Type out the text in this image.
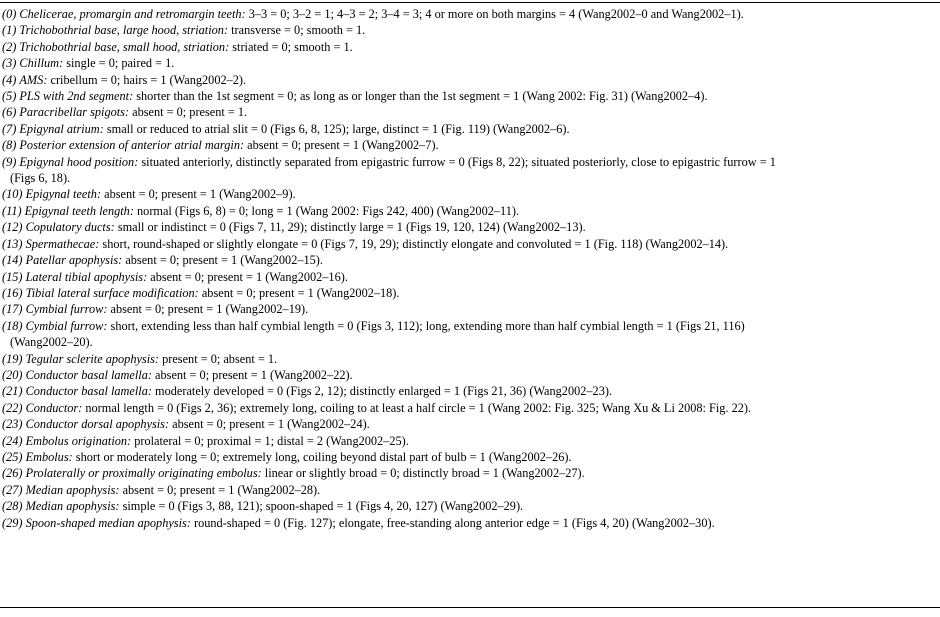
(0) Chelicerae, promargin and retromargin teeth: 3–3 = 0; 3–2 = 1; 4–3 = 2; 3–4 = 3; 4 or more on both margins = 4 (Wang2002–0 and Wang2002–1).
(1) Trichobothrial base, large hood, striation: transverse = 0; smooth = 1.
(2) Trichobothrial base, small hood, striation: striated = 0; smooth = 1.
(3) Chillum: single = 0; paired = 1.
(4) AMS: cribellum = 0; hairs = 1 (Wang2002–2).
(5) PLS with 2nd segment: shorter than the 1st segment = 0; as long as or longer than the 1st segment = 1 (Wang 2002: Fig. 31) (Wang2002–4).
(6) Paracribellar spigots: absent = 0; present = 1.
(7) Epigynal atrium: small or reduced to atrial slit = 0 (Figs 6, 8, 125); large, distinct = 1 (Fig. 119) (Wang2002–6).
(8) Posterior extension of anterior atrial margin: absent = 0; present = 1 (Wang2002–7).
(9) Epigynal hood position: situated anteriorly, distinctly separated from epigastric furrow = 0 (Figs 8, 22); situated posteriorly, close to epigastric furrow = 1
(Figs 6, 18).
(10) Epigynal teeth: absent = 0; present = 1 (Wang2002–9).
(11) Epigynal teeth length: normal (Figs 6, 8) = 0; long = 1 (Wang 2002: Figs 242, 400) (Wang2002–11).
(12) Copulatory ducts: small or indistinct = 0 (Figs 7, 11, 29); distinctly large = 1 (Figs 19, 120, 124) (Wang2002–13).
(13) Spermathecae: short, round-shaped or slightly elongate = 0 (Figs 7, 19, 29); distinctly elongate and convoluted = 1 (Fig. 118) (Wang2002–14).
(14) Patellar apophysis: absent = 0; present = 1 (Wang2002–15).
(15) Lateral tibial apophysis: absent = 0; present = 1 (Wang2002–16).
(16) Tibial lateral surface modification: absent = 0; present = 1 (Wang2002–18).
(17) Cymbial furrow: absent = 0; present = 1 (Wang2002–19).
(18) Cymbial furrow: short, extending less than half cymbial length = 0 (Figs 3, 112); long, extending more than half cymbial length = 1 (Figs 21, 116)
(Wang2002–20).
(19) Tegular sclerite apophysis: present = 0; absent = 1.
(20) Conductor basal lamella: absent = 0; present = 1 (Wang2002–22).
(21) Conductor basal lamella: moderately developed = 0 (Figs 2, 12); distinctly enlarged = 1 (Figs 21, 36) (Wang2002–23).
(22) Conductor: normal length = 0 (Figs 2, 36); extremely long, coiling to at least a half circle = 1 (Wang 2002: Fig. 325; Wang Xu & Li 2008: Fig. 22).
(23) Conductor dorsal apophysis: absent = 0; present = 1 (Wang2002–24).
(24) Embolus origination: prolateral = 0; proximal = 1; distal = 2 (Wang2002–25).
(25) Embolus: short or moderately long = 0; extremely long, coiling beyond distal part of bulb = 1 (Wang2002–26).
(26) Prolaterally or proximally originating embolus: linear or slightly broad = 0; distinctly broad = 1 (Wang2002–27).
(27) Median apophysis: absent = 0; present = 1 (Wang2002–28).
(28) Median apophysis: simple = 0 (Figs 3, 88, 121); spoon-shaped = 1 (Figs 4, 20, 127) (Wang2002–29).
(29) Spoon-shaped median apophysis: round-shaped = 0 (Fig. 127); elongate, free-standing along anterior edge = 1 (Figs 4, 20) (Wang2002–30).
